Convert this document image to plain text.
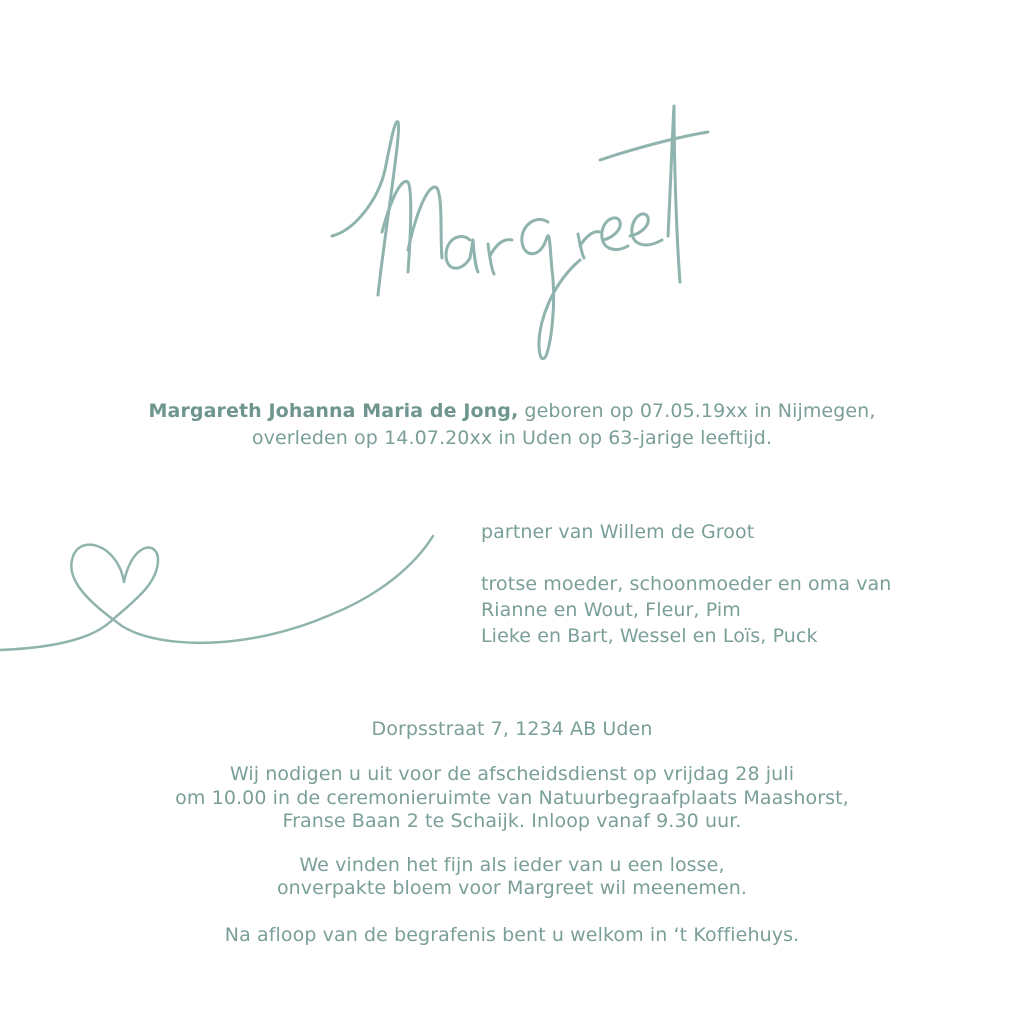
Margareth Johanna Maria de Jong, geboren op 07.05.19xx in Nijmegen,

overleden op 14.07.20xx in Uden op 63-jarige leeftijd.

partner van Willem de Groot

trotse moeder, schoonmoeder en oma van

Rianne en Wout, Fleur, Pim

Lieke en Bart, Wessel en Loïs, Puck

Dorpsstraat 7, 1234 AB Uden

Wij nodigen u uit voor de afscheidsdienst op vrijdag 28 juli

om 10.00 in de ceremonieruimte van Natuurbegraafplaats Maashorst,

Franse Baan 2 te Schaijk. Inloop vanaf 9.30 uur.

We vinden het fijn als ieder van u een losse,

onverpakte bloem voor Margreet wil meenemen.

Na afloop van de begrafenis bent u welkom in ‘t Koffiehuys.
